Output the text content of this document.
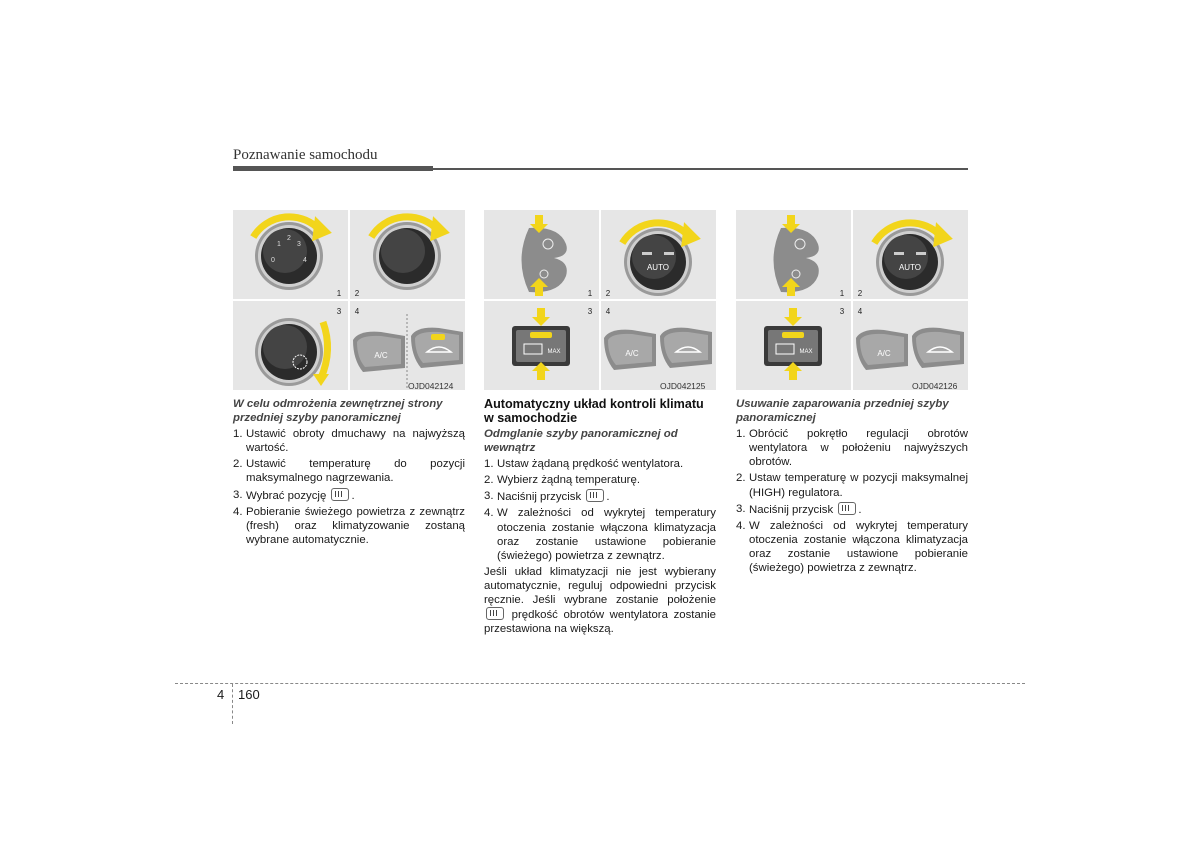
Poznawanie samochodu
1 2
3 4
0
1
2
3
4
A/C
1 2
3 4
AUTO
MAX	A/C
1 2
3 4
AUTO
MAX	A/C
OJD042124	OJD042125	OJD042126

W celu odmrożenia zewnętrznej strony przedniej szyby panoramicznej

1. Ustawić obroty dmuchawy na najwyższą wartość.
2. Ustawić temperaturę do pozycji maksymalnego nagrzewania.
3. Wybrać pozycję .
4. Pobieranie świeżego powietrza z zewnątrz (fresh) oraz klimatyzowanie zostaną wybrane automatycznie.

Automatyczny układ kontroli klimatu w samochodzie

Odmglanie szyby panoramicznej od wewnątrz

1. Ustaw żądaną prędkość wentylatora.
2. Wybierz żądną temperaturę.
3. Naciśnij przycisk .
4. W zależności od wykrytej temperatury otoczenia zostanie włączona klimatyzacja oraz zostanie ustawione pobieranie (świeżego) powietrza z zewnątrz.

Jeśli układ klimatyzacji nie jest wybierany automatycznie, reguluj odpowiedni przycisk ręcznie. Jeśli wybrane zostanie położenie  prędkość obrotów wentylatora zostanie przestawiona na większą.

Usuwanie zaparowania przedniej szyby panoramicznej

1. Obrócić pokrętło regulacji obrotów wentylatora w położeniu najwyższych obrotów.
2. Ustaw temperaturę w pozycji maksymalnej (HIGH) regulatora.
3. Naciśnij przycisk .
4. W zależności od wykrytej temperatury otoczenia zostanie włączona klimatyzacja oraz zostanie ustawione pobieranie (świeżego) powietrza z zewnątrz.
4 160
